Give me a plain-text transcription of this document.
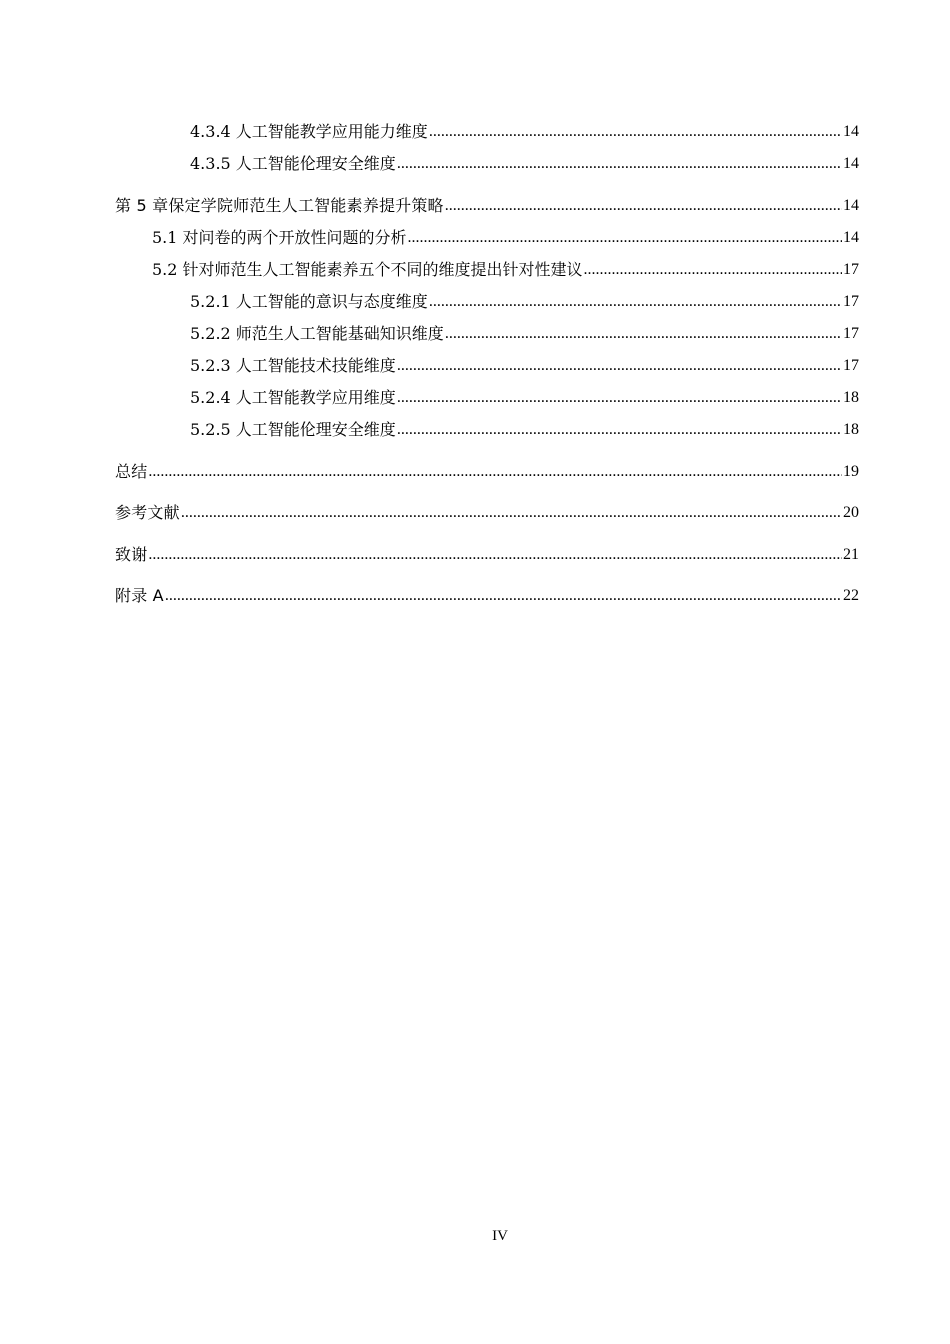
4.3.4 人工智能教学应用能力维度 .....	14
4.3.5 人工智能伦理安全维度 .....	14
第 5 章保定学院师范生人工智能素养提升策略 .....	14
5.1 对问卷的两个开放性问题的分析 .....	14
5.2 针对师范生人工智能素养五个不同的维度提出针对性建议 .....	17
5.2.1 人工智能的意识与态度维度 .....	17
5.2.2 师范生人工智能基础知识维度 .....	17
5.2.3 人工智能技术技能维度 .....	17
5.2.4 人工智能教学应用维度 .....	18
5.2.5 人工智能伦理安全维度 .....	18
总结 .....	19
参考文献 .....	20
致谢 .....	21
附录 A .....	22
IV
